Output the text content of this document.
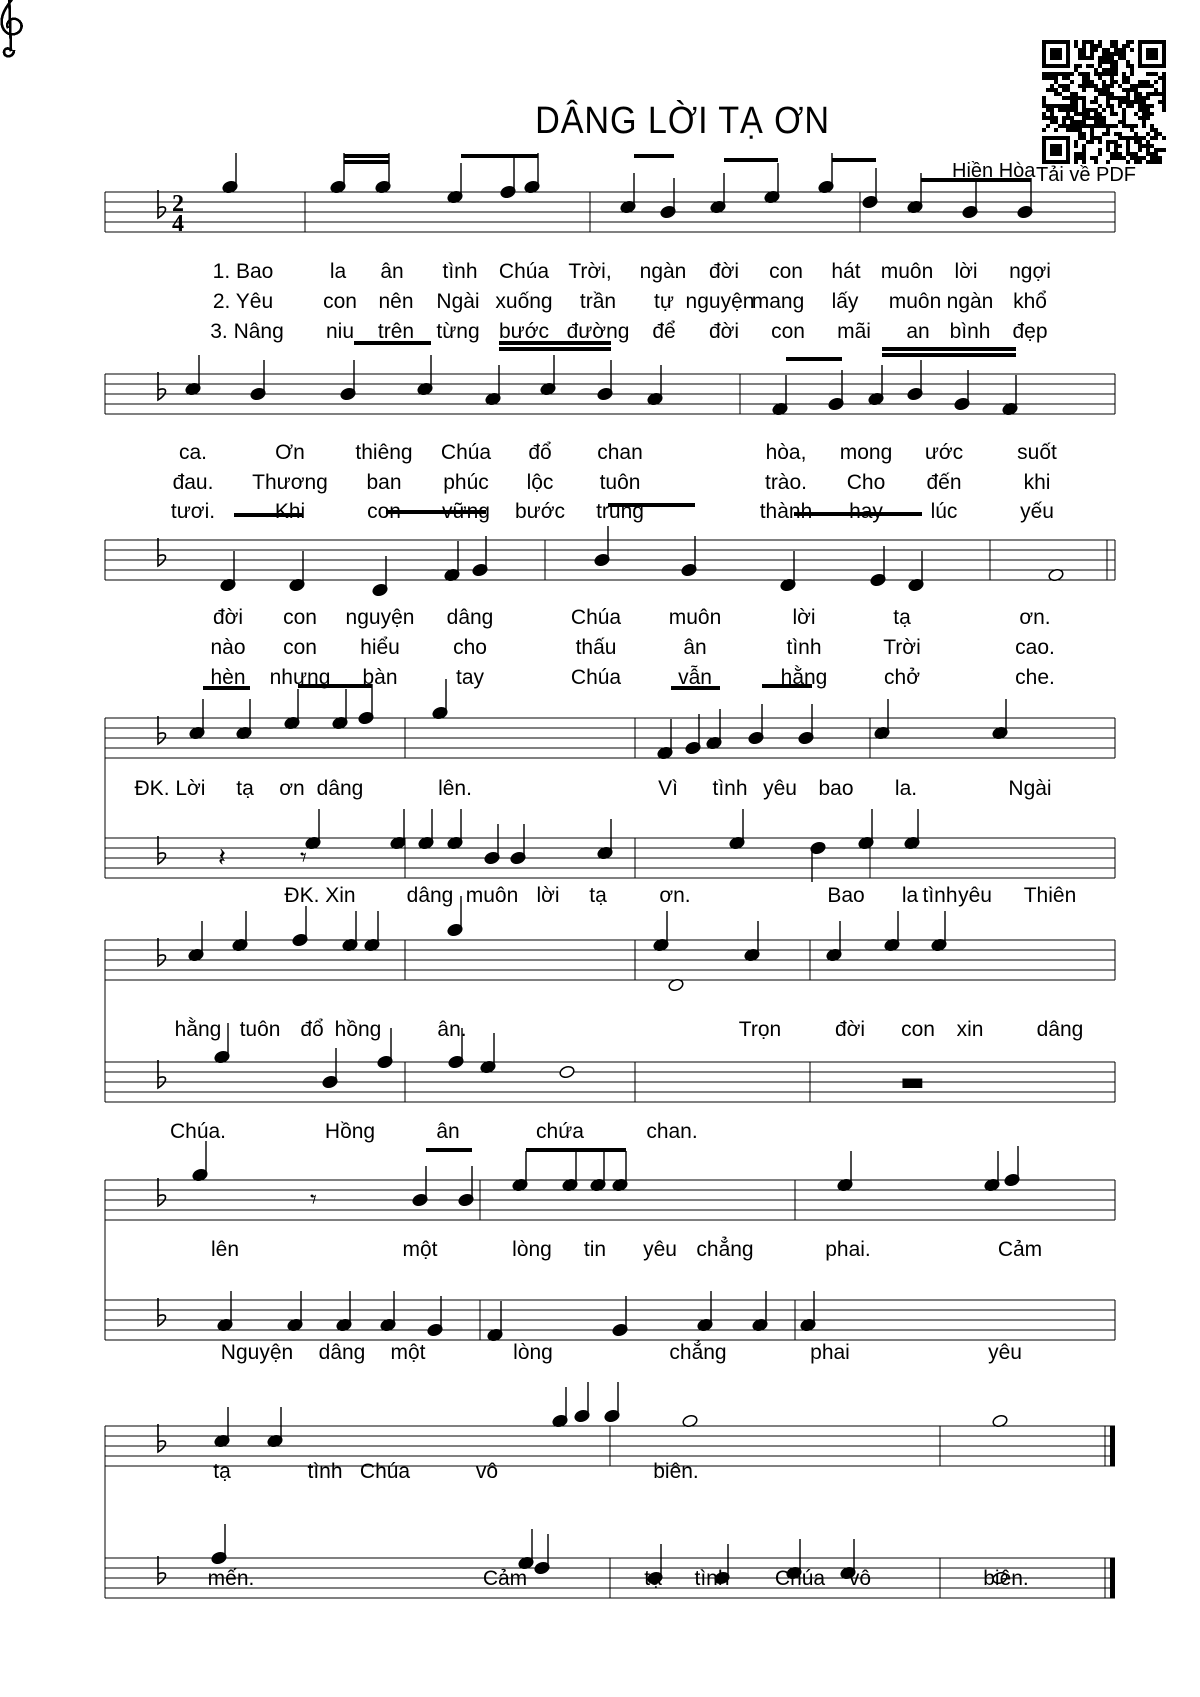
2
4
𝄽	𝄾
▬
𝄾
DÂNG LỜI TẠ ƠN
Hiền Hòa Tải về PDF
1. Bao	la ân tình Chúa Trời, ngàn đời con hát muôn lời ngợi
2. Yêu con nên Ngài xuống trần tự nguyện
mang lấy muôn ngàn khổ
3. Nâng niu trên từng bước đường để đời con mãi an bình đẹp
ca.	Ơn thiêng Chúa đổ chan	hòa, mong ước	suốt
đau. Thương ban phúc lộc tuôn	trào. Cho đến	khi
tươi.	Khi	con vững bước trung	thành hay lúc	yếu
đời con nguyện dâng	Chúa muôn	lời	tạ	ơn.
nào con hiểu	cho	thấu	ân	tình	Trời	cao.
hèn nhưng bàn	tay	Chúa	vẫn	hằng	chở	che.
ĐK. Lời tạ ơn dâng	lên.	Vì tình yêu bao la.	Ngài
ĐK. Xin dâng muôn lời tạ	ơn.	Bao la tình yêu Thiên
hằng tuôn đổ hồng	ân.	Trọn	đời con xin	dâng
Chúa.	Hồng	ân	chứa	chan.
lên	một	lòng tin yêu chẳng	phai.	Cảm
Nguyện dâng một	lòng	chẳng	phai	yêu
tạ	tình Chúa	vô	biên.
mến.	Cảm	tạ tình Chúa vô	biên.
